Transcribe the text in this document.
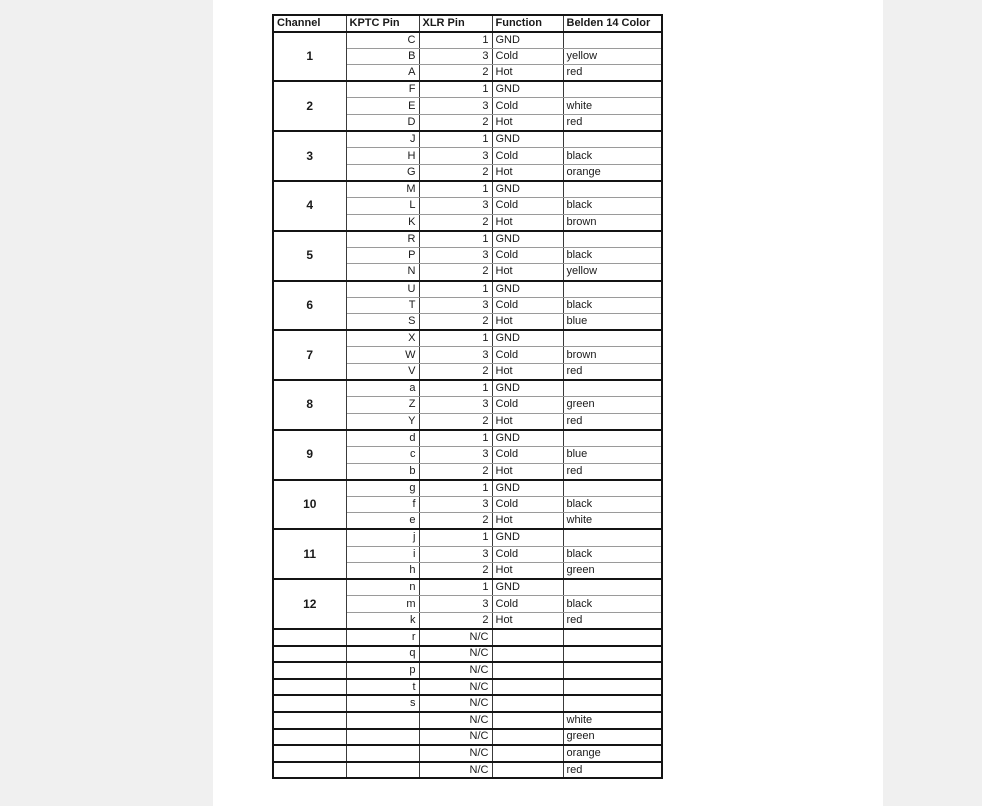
Channel	KPTC Pin	XLR Pin	Function	Belden 14 Color
1	C	1	GND	
	B	3	Cold	yellow
	A	2	Hot	red
2	F	1	GND	
	E	3	Cold	white
	D	2	Hot	red
3	J	1	GND	
	H	3	Cold	black
	G	2	Hot	orange
4	M	1	GND	
	L	3	Cold	black
	K	2	Hot	brown
5	R	1	GND	
	P	3	Cold	black
	N	2	Hot	yellow
6	U	1	GND	
	T	3	Cold	black
	S	2	Hot	blue
7	X	1	GND	
	W	3	Cold	brown
	V	2	Hot	red
8	a	1	GND	
	Z	3	Cold	green
	Y	2	Hot	red
9	d	1	GND	
	c	3	Cold	blue
	b	2	Hot	red
10	g	1	GND	
	f	3	Cold	black
	e	2	Hot	white
11	j	1	GND	
	i	3	Cold	black
	h	2	Hot	green
12	n	1	GND	
	m	3	Cold	black
	k	2	Hot	red
	r	N/C		
	q	N/C		
	p	N/C		
	t	N/C		
	s	N/C		
		N/C		white
		N/C		green
		N/C		orange
		N/C		red
